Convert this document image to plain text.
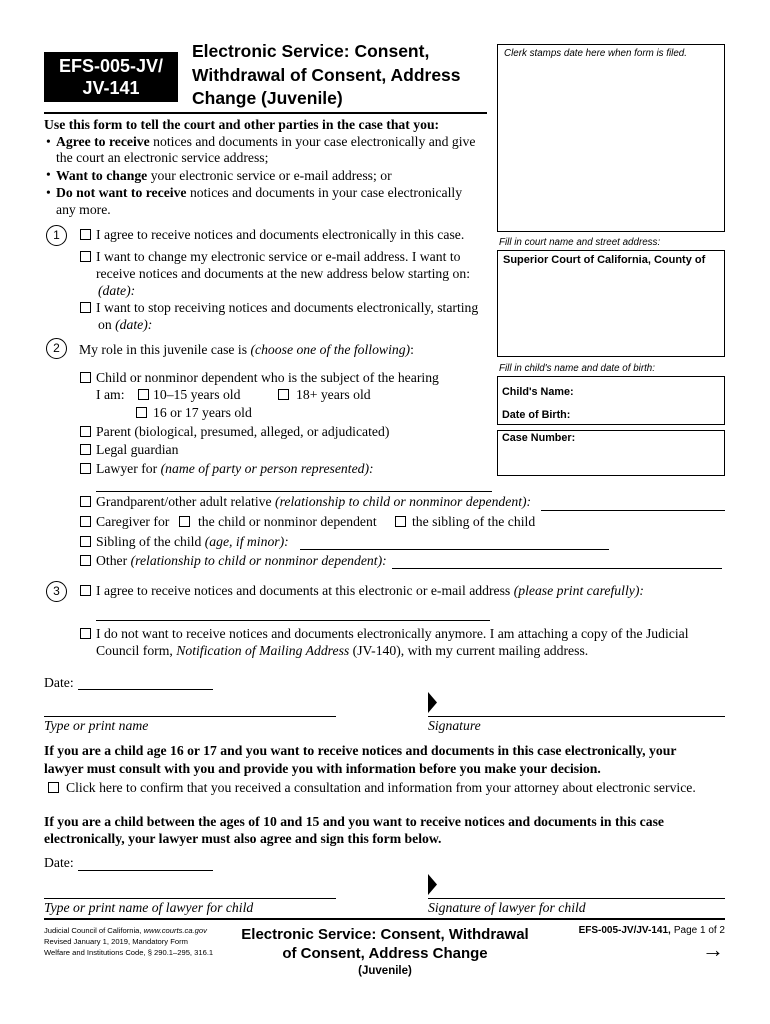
EFS-005-JV/
JV-141
Electronic Service: Consent,
Withdrawal of Consent, Address
Change (Juvenile)
Clerk stamps date here when form is filed.
Fill in court name and street address:
Superior Court of California, County of
Fill in child's name and date of birth:
Child's Name:
Date of Birth:
Case Number:
Use this form to tell the court and other parties in the case that you:
• Agree to receive notices and documents in your case electronically and give
the court an electronic service address;
• Want to change your electronic service or e-mail address; or
• Do not want to receive notices and documents in your case electronically
any more.
1	I agree to receive notices and documents electronically in this case.
I want to change my electronic service or e-mail address. I want to
receive notices and documents at the new address below starting on:
(date):
I want to stop receiving notices and documents electronically, starting
on (date):
2	My role in this juvenile case is (choose one of the following):
Child or nonminor dependent who is the subject of the hearing
I am: 10–15 years old	18+ years old
16 or 17 years old
Parent (biological, presumed, alleged, or adjudicated)
Legal guardian
Lawyer for (name of party or person represented):
Grandparent/other adult relative (relationship to child or nonminor dependent):
Caregiver for the child or nonminor dependent	the sibling of the child
Sibling of the child (age, if minor):
Other (relationship to child or nonminor dependent):
3	I agree to receive notices and documents at this electronic or e-mail address (please print carefully):
I do not want to receive notices and documents electronically anymore. I am attaching a copy of the Judicial
Council form, Notification of Mailing Address (JV-140), with my current mailing address.
Date:
Type or print name	Signature
If you are a child age 16 or 17 and you want to receive notices and documents in this case electronically, your
lawyer must consult with you and provide you with information before you make your decision.
Click here to confirm that you received a consultation and information from your attorney about electronic service.
If you are a child between the ages of 10 and 15 and you want to receive notices and documents in this case
electronically, your lawyer must also agree and sign this form below.
Date:
Type or print name of lawyer for child	Signature of lawyer for child
Judicial Council of California, www.courts.ca.gov
Revised January 1, 2019, Mandatory Form
Welfare and Institutions Code, § 290.1–295, 316.1
Electronic Service: Consent, Withdrawal
of Consent, Address Change
(Juvenile)
EFS-005-JV/JV-141, Page 1 of 2
→
